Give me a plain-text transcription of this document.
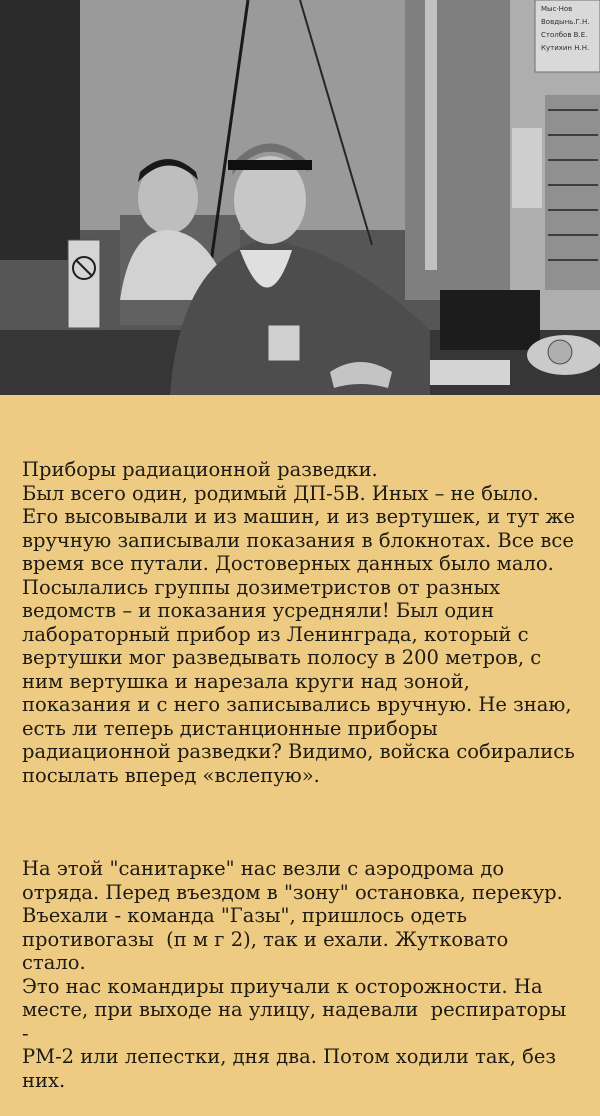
Мыс·Нов
Вовдынь.Г.Н.
Столбов В.Е.
Кутихин Н.Н.

Приборы радиационной разведки.
Был всего один, родимый ДП-5В. Иных – не было.
Его высовывали и из машин, и из вертушек, и тут же
вручную записывали показания в блокнотах. Все все
время все путали. Достоверных данных было мало.
Посылались группы дозиметристов от разных
ведомств – и показания усредняли! Был один
лабораторный прибор из Ленинграда, который с
вертушки мог разведывать полосу в 200 метров, с
ним вертушка и нарезала круги над зоной,
показания и с него записывались вручную. Не знаю,
есть ли теперь дистанционные приборы
радиационной разведки? Видимо, войска собирались
посылать вперед «вслепую».

На этой "санитарке" нас везли с аэродрома до
отряда. Перед въездом в "зону" остановка, перекур.
Въехали - команда "Газы", пришлось одеть
противогазы  (п м г 2), так и ехали. Жутковато стало.
Это нас командиры приучали к осторожности. На
месте, при выходе на улицу, надевали  респираторы -
РМ-2 или лепестки, дня два. Потом ходили так, без
них.
